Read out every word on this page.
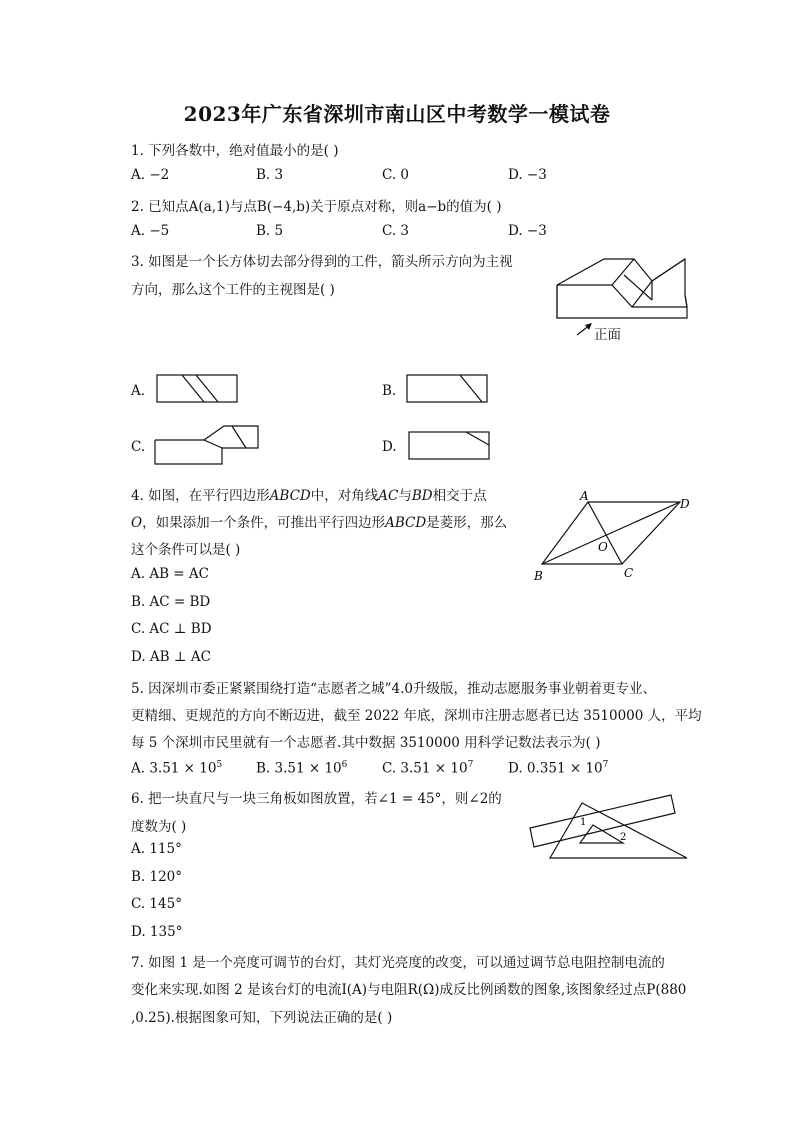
2023年广东省深圳市南山区中考数学一模试卷
1. 下列各数中，绝对值最小的是( )
A. −2	B. 3	C. 0	D. −3
2. 已知点A(a,1)与点B(−4,b)关于原点对称，则a−b的值为( )
A. −5	B. 5	C. 3	D. −3
3. 如图是一个长方体切去部分得到的工件，箭头所示方向为主视
方向，那么这个工件的主视图是( )
正面
A.	B.
C.	D.
4. 如图，在平行四边形ABCD中，对角线AC与BD相交于点
O，如果添加一个条件，可推出平行四边形ABCD是菱形，那么
这个条件可以是( )
A
D
B	C
O
A. AB = AC
B. AC = BD
C. AC ⊥ BD
D. AB ⊥ AC
5. 因深圳市委正紧紧围绕打造“志愿者之城”4.0升级版，推动志愿服务事业朝着更专业、
更精细、更规范的方向不断迈进，截至 2022 年底，深圳市注册志愿者已达 3510000 人，平均
每 5 个深圳市民里就有一个志愿者.其中数据 3510000 用科学记数法表示为( )
A. $3.51 \times 10^5$	B. $3.51 \times 10^6$	C. $3.51 \times 10^7$	D. $0.351 \times 10^7$
6. 把一块直尺与一块三角板如图放置，若∠1 = 45°，则∠2的
度数为( )	1
2
A. 115°
B. 120°
C. 145°
D. 135°
7. 如图 1 是一个亮度可调节的台灯，其灯光亮度的改变，可以通过调节总电阻控制电流的
变化来实现.如图 2 是该台灯的电流I(A)与电阻R(Ω)成反比例函数的图象,该图象经过点P(880
,0.25).根据图象可知，下列说法正确的是( )
